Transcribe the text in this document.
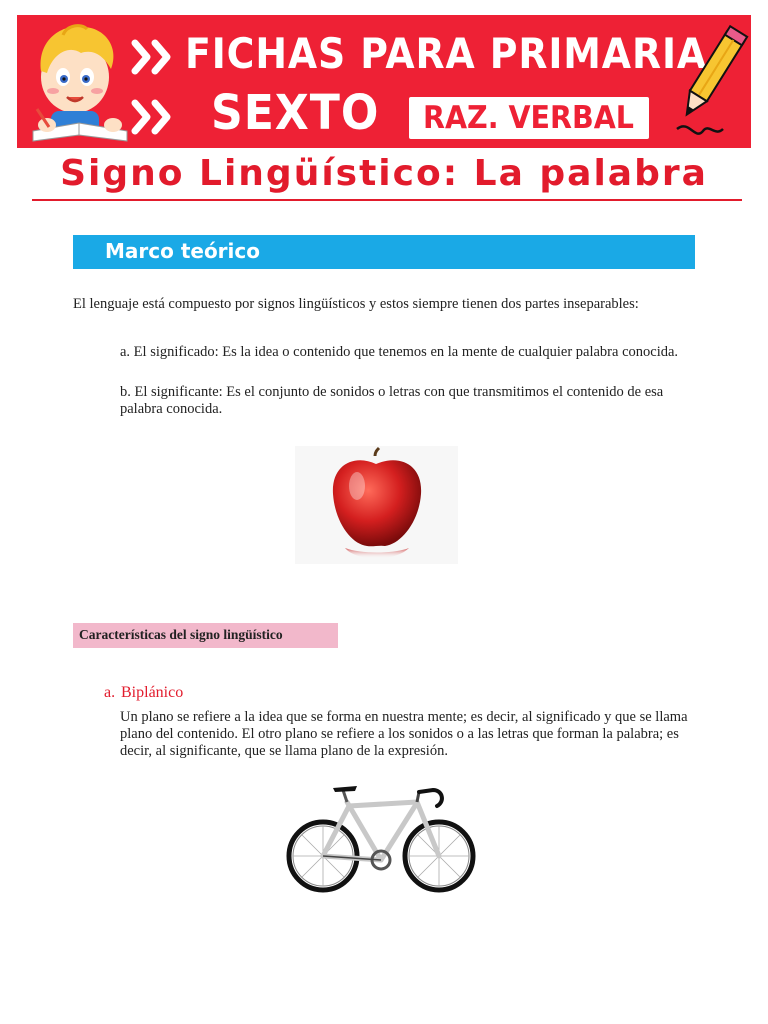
FICHAS PARA PRIMARIA
SEXTO RAZ. VERBAL
Signo Lingüístico: La palabra
Marco teórico
El lenguaje está compuesto por signos lingüísticos y estos siempre tienen dos partes inseparables:
a. El significado: Es la idea o contenido que tenemos en la mente de cualquier palabra conocida.
b. El significante: Es el conjunto de sonidos o letras con que transmitimos el contenido de esa palabra conocida.
Características del signo lingüístico
a. Biplánico
Un plano se refiere a la idea que se forma en nuestra mente; es decir, al significado y que se llama plano del contenido. El otro plano se refiere a los sonidos o a las letras que forman la palabra; es decir, al significante, que se llama plano de la expresión.
